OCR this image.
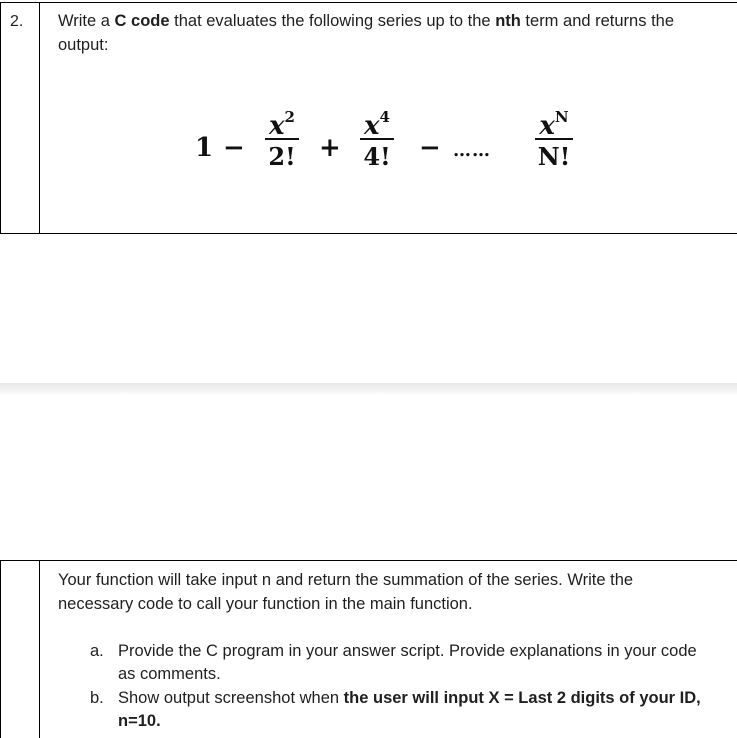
2. Write a C code that evaluates the following series up to the nth term and returns the output:
1 −
$x^2$
2! +
$x^4$
4! − ……
$x^N$
N!
Your function will take input n and return the summation of the series. Write the necessary code to call your function in the main function.
a. Provide the C program in your answer script. Provide explanations in your code as comments.
b. Show output screenshot when the user will input X = Last 2 digits of your ID, n=10.
